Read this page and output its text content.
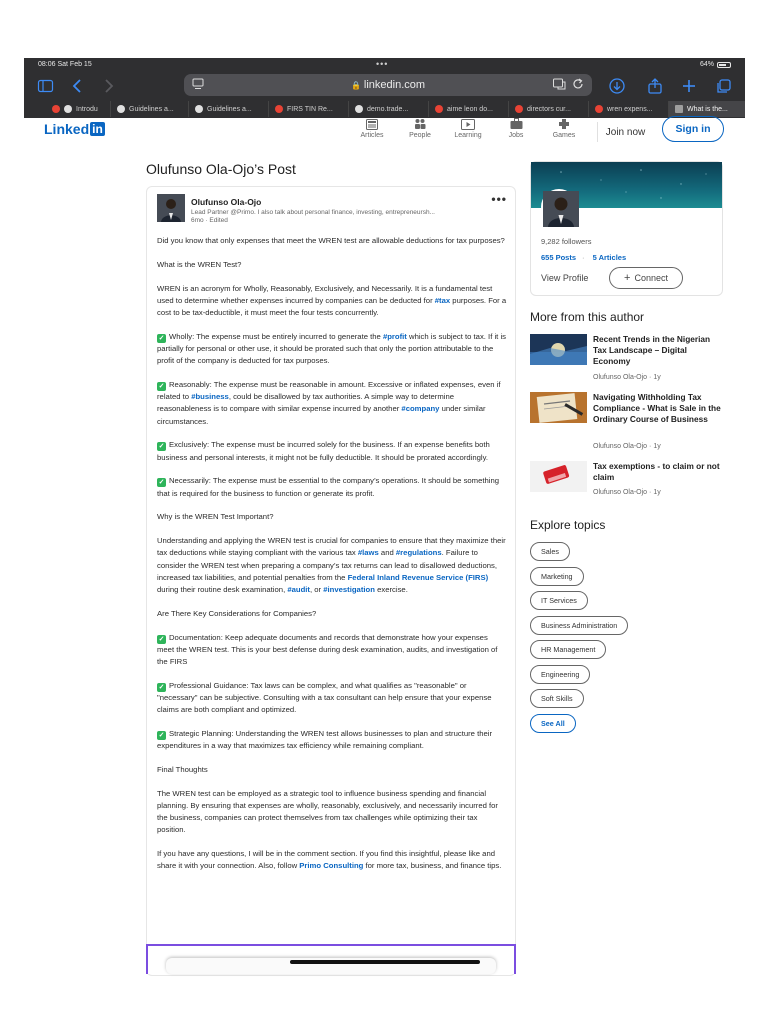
08:06 Sat Feb 15	•••	64%
🔒 linkedin.com
Introdu	Guidelines a...	Guidelines a...	FIRS TIN Re...	demo.trade...	aime leon do...	directors cur...	wren expens...	What is the...
Linked in	Articles	People	Learning	Jobs	Games	Join now	Sign in
Olufunso Ola-Ojo’s Post
Olufunso Ola-Ojo
Lead Partner @Primo. I also talk about personal finance, investing, entrepreneursh...
6mo · Edited
•••

Did you know that only expenses that meet the WREN test are allowable deductions for tax purposes?

What is the WREN Test?

WREN is an acronym for Wholly, Reasonably, Exclusively, and Necessarily. It is a fundamental test used to determine whether expenses incurred by companies can be deducted for #tax purposes. For a cost to be tax-deductible, it must meet the four tests concurrently.

✓ Wholly: The expense must be entirely incurred to generate the #profit which is subject to tax. If it is partially for personal or other use, it should be prorated such that only the portion attributable to the profit of the company is deducted for tax purposes.

✓ Reasonably: The expense must be reasonable in amount. Excessive or inflated expenses, even if related to #business, could be disallowed by tax authorities. A simple way to determine reasonableness is to compare with similar expense incurred by another #company under similar circumstances.

✓ Exclusively: The expense must be incurred solely for the business. If an expense benefits both business and personal interests, it might not be fully deductible. It should be prorated accordingly.

✓ Necessarily: The expense must be essential to the company’s operations. It should be something that is required for the business to function or generate its profit.

Why is the WREN Test Important?

Understanding and applying the WREN test is crucial for companies to ensure that they maximize their tax deductions while staying compliant with the various tax #laws and #regulations. Failure to consider the WREN test when preparing a company’s tax returns can lead to disallowed deductions, increased tax liabilities, and potential penalties from the Federal Inland Revenue Service (FIRS) during their routine desk examination, #audit, or #investigation exercise.

Are There Key Considerations for Companies?

✓ Documentation: Keep adequate documents and records that demonstrate how your expenses meet the WREN test. This is your best defense during desk examination, audits, and investigation of the FIRS

✓ Professional Guidance: Tax laws can be complex, and what qualifies as "reasonable" or "necessary" can be subjective. Consulting with a tax consultant can help ensure that your expense claims are both compliant and optimized.

✓ Strategic Planning: Understanding the WREN test allows businesses to plan and structure their expenditures in a way that maximizes tax efficiency while remaining compliant.

Final Thoughts

The WREN test can be employed as a strategic tool to influence business spending and financial planning. By ensuring that expenses are wholly, reasonably, exclusively, and necessarily incurred for the business, companies can protect themselves from tax challenges while optimizing their tax position.

If you have any questions, I will be in the comment section. If you find this insightful, please like and share it with your connection. Also, follow Primo Consulting for more tax, business, and finance tips.

9,282 followers
655 Posts · 5 Articles
View Profile	+ Connect
More from this author
Recent Trends in the Nigerian Tax Landscape – Digital Economy
Olufunso Ola-Ojo · 1y
Navigating Withholding Tax Compliance - What is Sale in the Ordinary Course of Business
Olufunso Ola-Ojo · 1y
Tax exemptions - to claim or not claim
Olufunso Ola-Ojo · 1y
Explore topics
Sales
Marketing
IT Services
Business Administration
HR Management
Engineering
Soft Skills
See All
